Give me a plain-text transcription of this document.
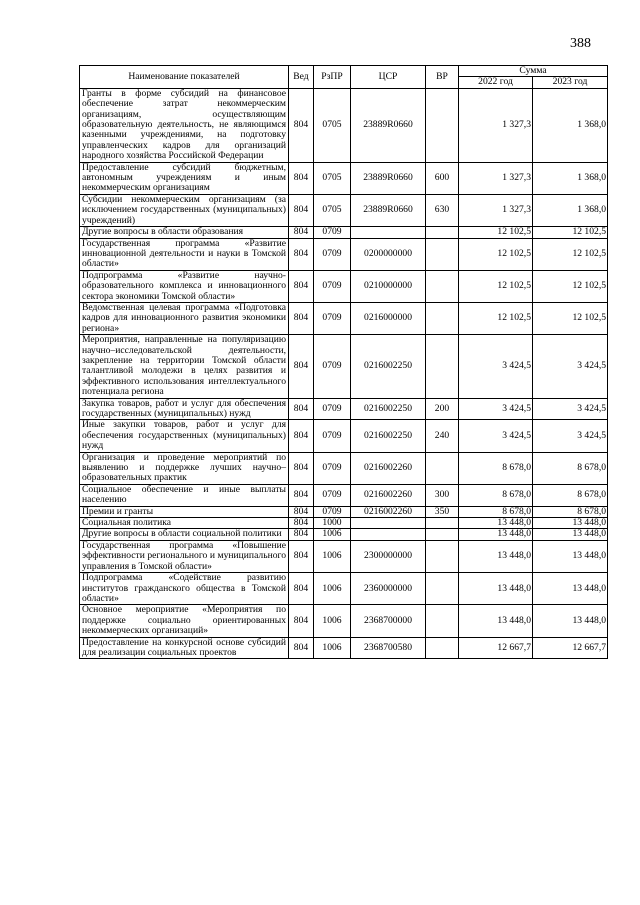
388
Наименование показателей	Вед	РзПР	ЦСР	ВР	Сумма	
					2022 год	2023 год
Гранты в форме субсидий на финансовое обеспечение затрат некоммерческим организациям, осуществляющим образовательную деятельность, не являющимся казенными учреждениями, на подготовку управленческих кадров для организаций народного хозяйства Российской Федерации	804	0705	23889R0660		1 327,3	1 368,0
Предоставление субсидий бюджетным, автономным учреждениям и иным некоммерческим организациям	804	0705	23889R0660	600	1 327,3	1 368,0
Субсидии некоммерческим организациям (за исключением государственных (муниципальных) учреждений)	804	0705	23889R0660	630	1 327,3	1 368,0
Другие вопросы в области образования	804	0709			12 102,5	12 102,5
Государственная программа «Развитие инновационной деятельности и науки в Томской области»	804	0709	0200000000		12 102,5	12 102,5
Подпрограмма «Развитие научно-образовательного комплекса и инновационного сектора экономики Томской области»	804	0709	0210000000		12 102,5	12 102,5
Ведомственная целевая программа «Подготовка кадров для инновационного развития экономики региона»	804	0709	0216000000		12 102,5	12 102,5
Мероприятия, направленные на популяризацию научно–исследовательской деятельности, закрепление на территории Томской области талантливой молодежи в целях развития и эффективного использования интеллектуального потенциала региона	804	0709	0216002250		3 424,5	3 424,5
Закупка товаров, работ и услуг для обеспечения государственных (муниципальных) нужд	804	0709	0216002250	200	3 424,5	3 424,5
Иные закупки товаров, работ и услуг для обеспечения государственных (муниципальных) нужд	804	0709	0216002250	240	3 424,5	3 424,5
Организация и проведение мероприятий по выявлению и поддержке лучших научно–образовательных практик	804	0709	0216002260		8 678,0	8 678,0
Социальное обеспечение и иные выплаты населению	804	0709	0216002260	300	8 678,0	8 678,0
Премии и гранты	804	0709	0216002260	350	8 678,0	8 678,0
Социальная политика	804	1000			13 448,0	13 448,0
Другие вопросы в области социальной политики	804	1006			13 448,0	13 448,0
Государственная программа «Повышение эффективности регионального и муниципального управления в Томской области»	804	1006	2300000000		13 448,0	13 448,0
Подпрограмма «Содействие развитию институтов гражданского общества в Томской области»	804	1006	2360000000		13 448,0	13 448,0
Основное мероприятие «Мероприятия по поддержке социально ориентированных некоммерческих организаций»	804	1006	2368700000		13 448,0	13 448,0
Предоставление на конкурсной основе субсидий для реализации социальных проектов	804	1006	2368700580		12 667,7	12 667,7
